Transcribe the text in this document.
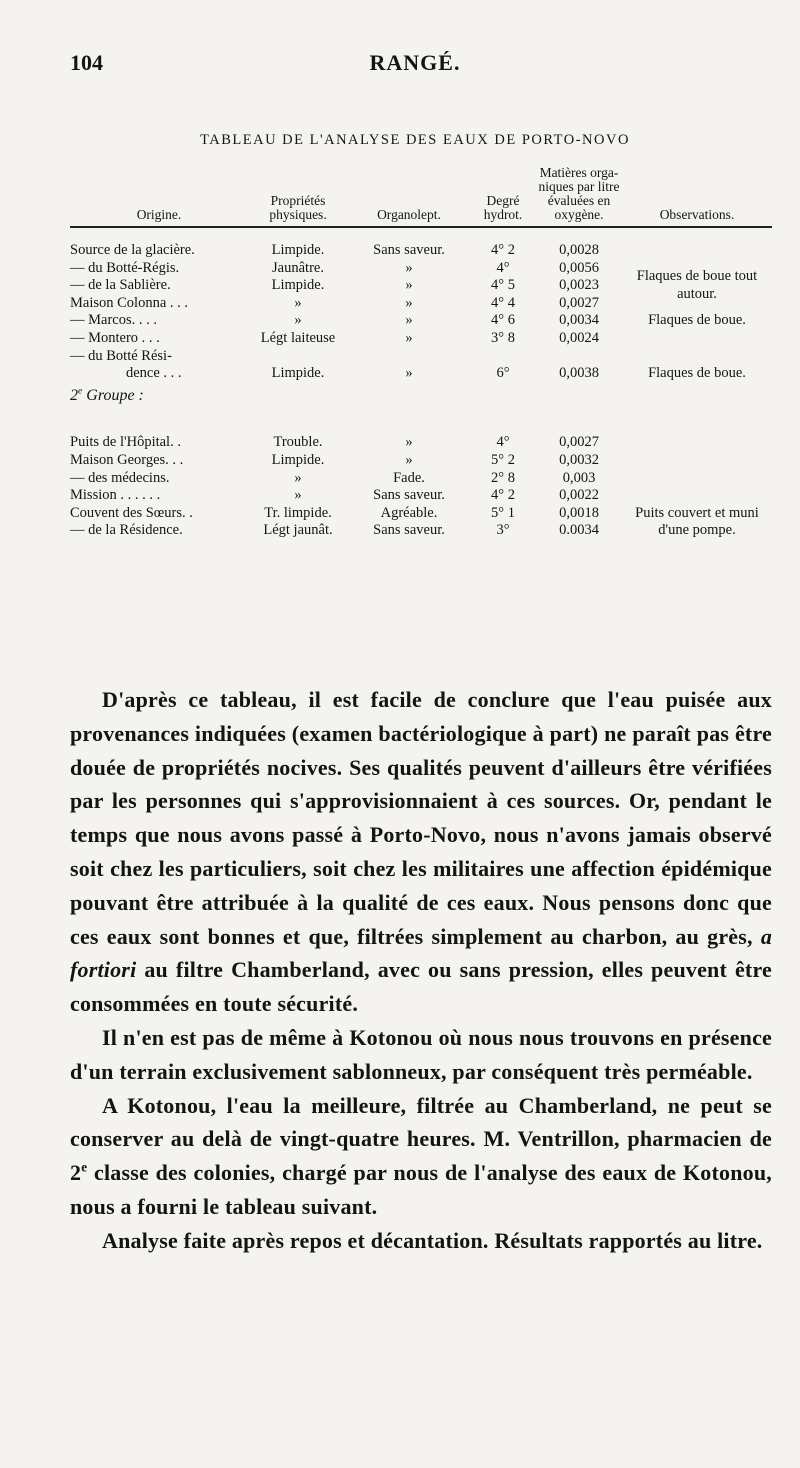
104	RANGÉ.
TABLEAU DE L'ANALYSE DES EAUX DE PORTO-NOVO
Origine.	Propriétés physiques.	Organolept.	Degré hydrot.	Matières organiques par litre évaluées en oxygène.	Observations.
Source de la glacière.	Limpide.	Sans saveur.	4° 2	0,0028	
— du Botté-Régis.	Jaunâtre.	»	4°	0,0056	Flaques de boue tout autour.
— de la Sablière.	Limpide.	»	4° 5	0,0023	
Maison Colonna . . .	»	»	4° 4	0,0027	
— Marcos. . . .	»	»	4° 6	0,0034	Flaques de boue.
— Montero . . .	Légt laiteuse	»	3° 8	0,0024	
— du Botté Rési-					
dence . . .	Limpide.	»	6°	0,0038	Flaques de boue.
2e Groupe :					

Puits de l'Hôpital. .	Trouble.	»	4°	0,0027	
Maison Georges. . .	Limpide.	»	5° 2	0,0032	
— des médecins.	»	Fade.	2° 8	0,003	
Mission . . . . . .	»	Sans saveur.	4° 2	0,0022	
Couvent des Sœurs. .	Tr. limpide.	Agréable.	5° 1	0,0018	Puits couvert et muni d'une pompe.
— de la Résidence.	Légt jaunât.	Sans saveur.	3°	0.0034	

D'après ce tableau, il est facile de conclure que l'eau puisée aux provenances indiquées (examen bactériologique à part) ne paraît pas être douée de propriétés nocives. Ses qualités peuvent d'ailleurs être vérifiées par les personnes qui s'approvisionnaient à ces sources. Or, pendant le temps que nous avons passé à Porto-Novo, nous n'avons jamais observé soit chez les particuliers, soit chez les militaires une affection épidémique pouvant être attribuée à la qualité de ces eaux. Nous pensons donc que ces eaux sont bonnes et que, filtrées simplement au charbon, au grès, a fortiori au filtre Chamberland, avec ou sans pression, elles peuvent être consommées en toute sécurité.

Il n'en est pas de même à Kotonou où nous nous trouvons en présence d'un terrain exclusivement sablonneux, par conséquent très perméable.

A Kotonou, l'eau la meilleure, filtrée au Chamberland, ne peut se conserver au delà de vingt-quatre heures. M. Ventrillon, pharmacien de 2e classe des colonies, chargé par nous de l'analyse des eaux de Kotonou, nous a fourni le tableau suivant.

Analyse faite après repos et décantation. Résultats rapportés au litre.
